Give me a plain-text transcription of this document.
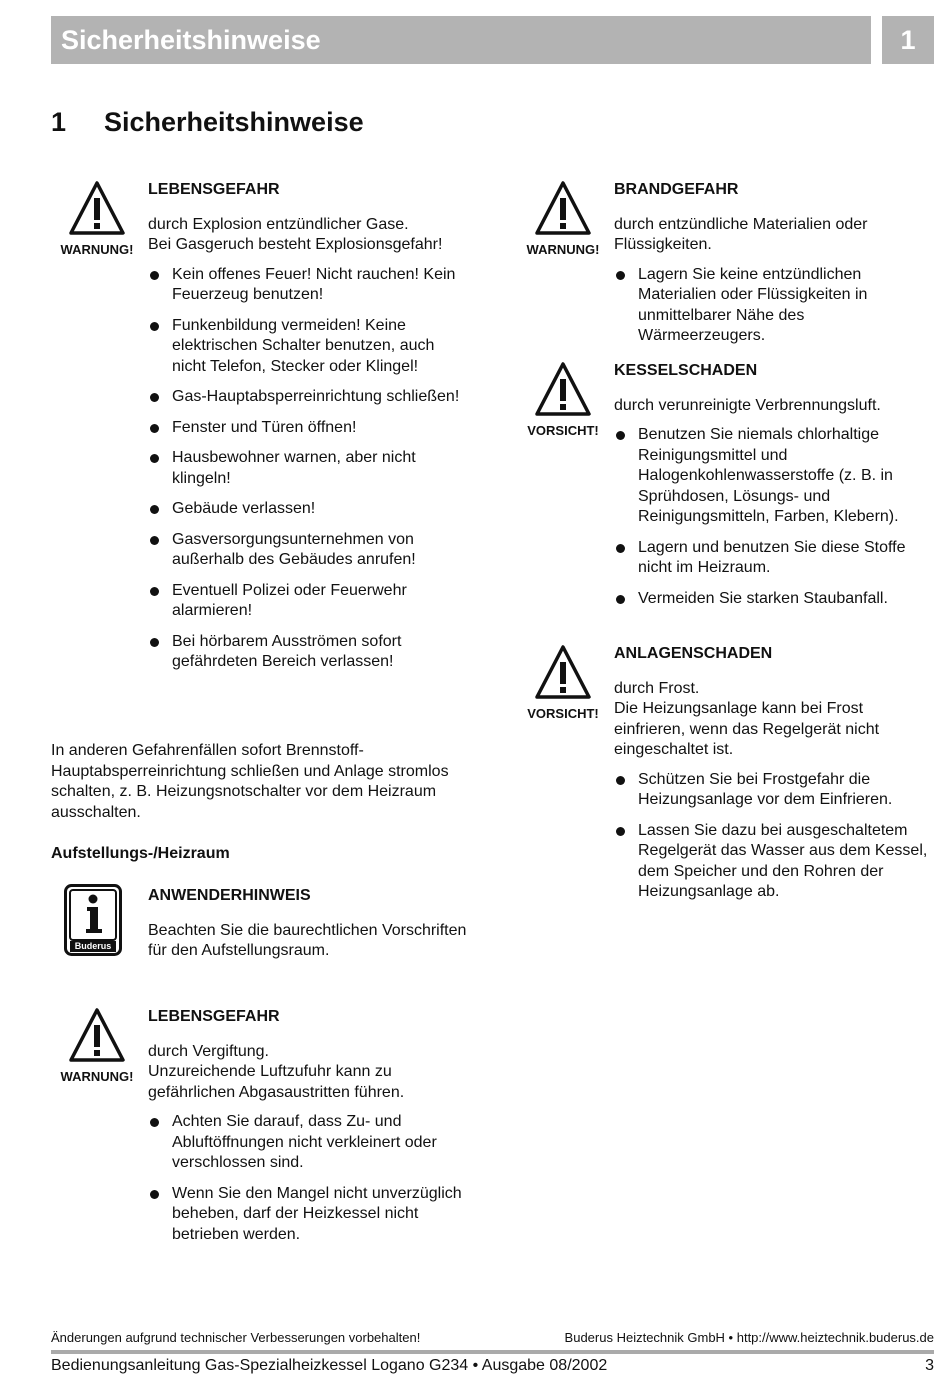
Sicherheitshinweise	1
1 Sicherheitshinweise
WARNUNG!
LEBENSGEFAHR
durch Explosion entzündlicher Gase.
Bei Gasgeruch besteht Explosionsgefahr!
Kein offenes Feuer! Nicht rauchen! Kein Feuerzeug benutzen!
Funkenbildung vermeiden! Keine elektrischen Schalter benutzen, auch nicht Telefon, Stecker oder Klingel!
Gas-Hauptabsperreinrichtung schließen!
Fenster und Türen öffnen!
Hausbewohner warnen, aber nicht klingeln!
Gebäude verlassen!
Gasversorgungsunternehmen von außerhalb des Gebäudes anrufen!
Eventuell Polizei oder Feuerwehr alarmieren!
Bei hörbarem Ausströmen sofort gefährdeten Bereich verlassen!
In anderen Gefahrenfällen sofort Brennstoff-Hauptabsperreinrichtung schließen und Anlage stromlos schalten, z. B. Heizungsnotschalter vor dem Heizraum ausschalten.
Aufstellungs-/Heizraum
Buderus
ANWENDERHINWEIS
Beachten Sie die baurechtlichen Vorschriften für den Aufstellungsraum.
WARNUNG!
LEBENSGEFAHR
durch Vergiftung.
Unzureichende Luftzufuhr kann zu gefährlichen Abgasaustritten führen.
Achten Sie darauf, dass Zu- und Abluftöffnungen nicht verkleinert oder verschlossen sind.
Wenn Sie den Mangel nicht unverzüglich beheben, darf der Heizkessel nicht betrieben werden.
WARNUNG!
BRANDGEFAHR
durch entzündliche Materialien oder Flüssigkeiten.
Lagern Sie keine entzündlichen Materialien oder Flüssigkeiten in unmittelbarer Nähe des Wärmeerzeugers.
VORSICHT!
KESSELSCHADEN
durch verunreinigte Verbrennungsluft.
Benutzen Sie niemals chlorhaltige Reinigungsmittel und Halogenkohlenwasserstoffe (z. B. in Sprühdosen, Lösungs- und Reinigungsmitteln, Farben, Klebern).
Lagern und benutzen Sie diese Stoffe nicht im Heizraum.
Vermeiden Sie starken Staubanfall.
VORSICHT!
ANLAGENSCHADEN
durch Frost.
Die Heizungsanlage kann bei Frost einfrieren, wenn das Regelgerät nicht eingeschaltet ist.
Schützen Sie bei Frostgefahr die Heizungsanlage vor dem Einfrieren.
Lassen Sie dazu bei ausgeschaltetem Regelgerät das Wasser aus dem Kessel, dem Speicher und den Rohren der Heizungsanlage ab.
Änderungen aufgrund technischer Verbesserungen vorbehalten!	Buderus Heiztechnik GmbH • http://www.heiztechnik.buderus.de
Bedienungsanleitung Gas-Spezialheizkessel Logano G234 • Ausgabe 08/2002	3
